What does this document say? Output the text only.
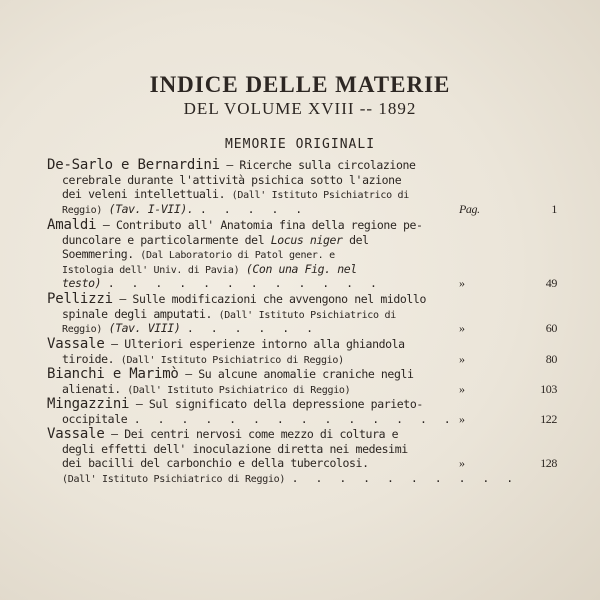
INDICE DELLE MATERIE
DEL VOLUME XVIII -- 1892
MEMORIE ORIGINALI
De-Sarlo e Bernardini – Ricerche sulla circolazione
cerebrale durante l'attività psichica sotto l'azione
dei veleni intellettuali. (Dall' Istituto Psichiatrico di
Reggio) (Tav. I-VII). . . . . .	Pag.	1
Amaldi – Contributo all' Anatomia fina della regione pe-
duncolare e particolarmente del Locus niger del
Soemmering. (Dal Laboratorio di Patol gener. e
Istologia dell' Univ. di Pavia) (Con una Fig. nel
testo) . . . . . . . . . . . .	»	49
Pellizzi – Sulle modificazioni che avvengono nel midollo
spinale degli amputati. (Dall' Istituto Psichiatrico di
Reggio) (Tav. VIII) . . . . . .	»	60
Vassale – Ulteriori esperienze intorno alla ghiandola
tiroide. (Dall' Istituto Psichiatrico di Reggio)	»	80
Bianchi e Marimò – Su alcune anomalie craniche negli
alienati. (Dall' Istituto Psichiatrico di Reggio)	»	103
Mingazzini – Sul significato della depressione parieto-
occipitale . . . . . . . . . . . . . . »	122
Vassale – Dei centri nervosi come mezzo di coltura e
degli effetti dell' inoculazione diretta nei medesimi
dei bacilli del carbonchio e della tubercolosi.	»	128
(Dall' Istituto Psichiatrico di Reggio) . . . . . . . . . .
